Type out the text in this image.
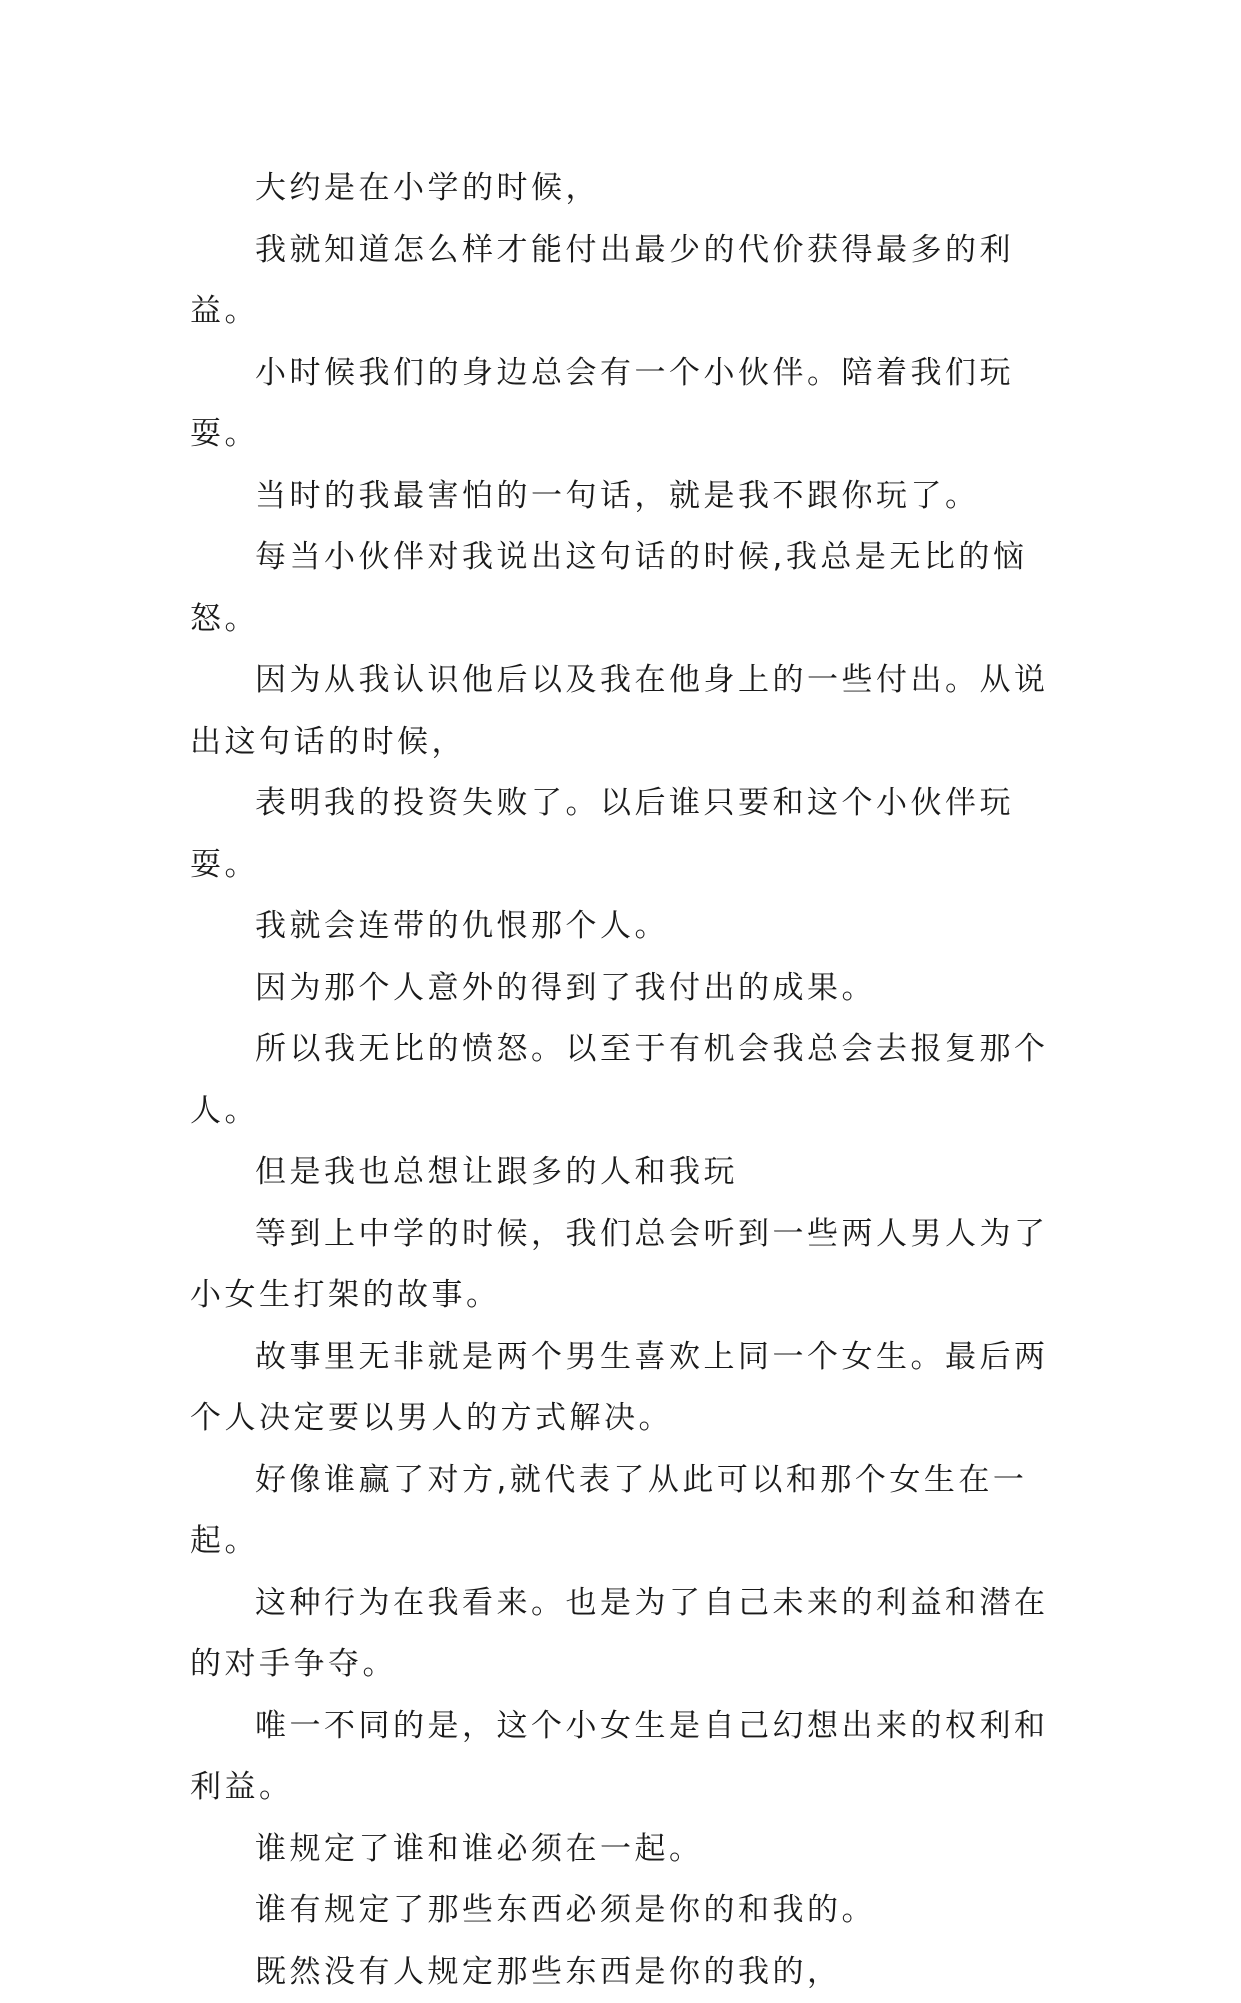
大约是在小学的时候，

我就知道怎么样才能付出最少的代价获得最多的利益。

小时候我们的身边总会有一个小伙伴。陪着我们玩耍。

当时的我最害怕的一句话，就是我不跟你玩了。

每当小伙伴对我说出这句话的时候,我总是无比的恼怒。

因为从我认识他后以及我在他身上的一些付出。从说出这句话的时候，

表明我的投资失败了。以后谁只要和这个小伙伴玩耍。

我就会连带的仇恨那个人。

因为那个人意外的得到了我付出的成果。

所以我无比的愤怒。以至于有机会我总会去报复那个人。

但是我也总想让跟多的人和我玩

等到上中学的时候，我们总会听到一些两人男人为了小女生打架的故事。

故事里无非就是两个男生喜欢上同一个女生。最后两个人决定要以男人的方式解决。

好像谁赢了对方,就代表了从此可以和那个女生在一起。

这种行为在我看来。也是为了自己未来的利益和潜在的对手争夺。

唯一不同的是，这个小女生是自己幻想出来的权利和利益。

谁规定了谁和谁必须在一起。

谁有规定了那些东西必须是你的和我的。

既然没有人规定那些东西是你的我的，
